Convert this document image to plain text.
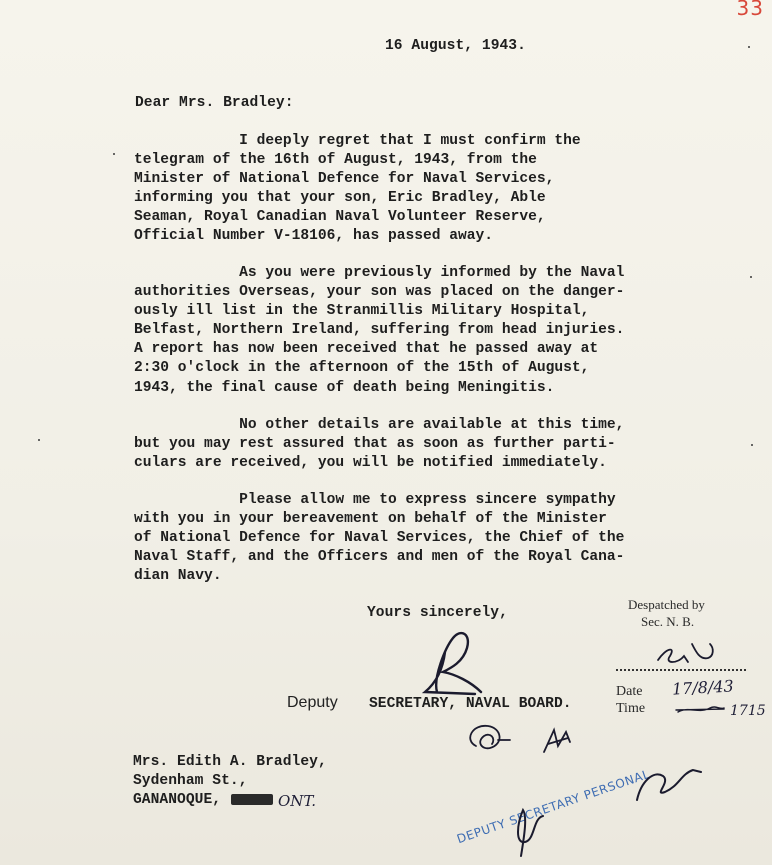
33
16 August, 1943.
Dear Mrs. Bradley:
I deeply regret that I must confirm the
telegram of the 16th of August, 1943, from the
Minister of National Defence for Naval Services,
informing you that your son, Eric Bradley, Able
Seaman, Royal Canadian Naval Volunteer Reserve,
Official Number V-18106, has passed away.
As you were previously informed by the Naval
authorities Overseas, your son was placed on the danger-
ously ill list in the Stranmillis Military Hospital,
Belfast, Northern Ireland, suffering from head injuries.
A report has now been received that he passed away at
2:30 o'clock in the afternoon of the 15th of August,
1943, the final cause of death being Meningitis.
No other details are available at this time,
but you may rest assured that as soon as further parti-
culars are received, you will be notified immediately.
Please allow me to express sincere sympathy
with you in your bereavement on behalf of the Minister
of National Defence for Naval Services, the Chief of the
Naval Staff, and the Officers and men of the Royal Cana-
dian Navy.
Yours sincerely,
Deputy SECRETARY, NAVAL BOARD.
Despatched by
Sec. N. B.
Date 17/8/43
Time	1715
Mrs. Edith A. Bradley,
Sydenham St.,
GANANOQUE,	ONT.	DEPUTY SECRETARY PERSONAL
